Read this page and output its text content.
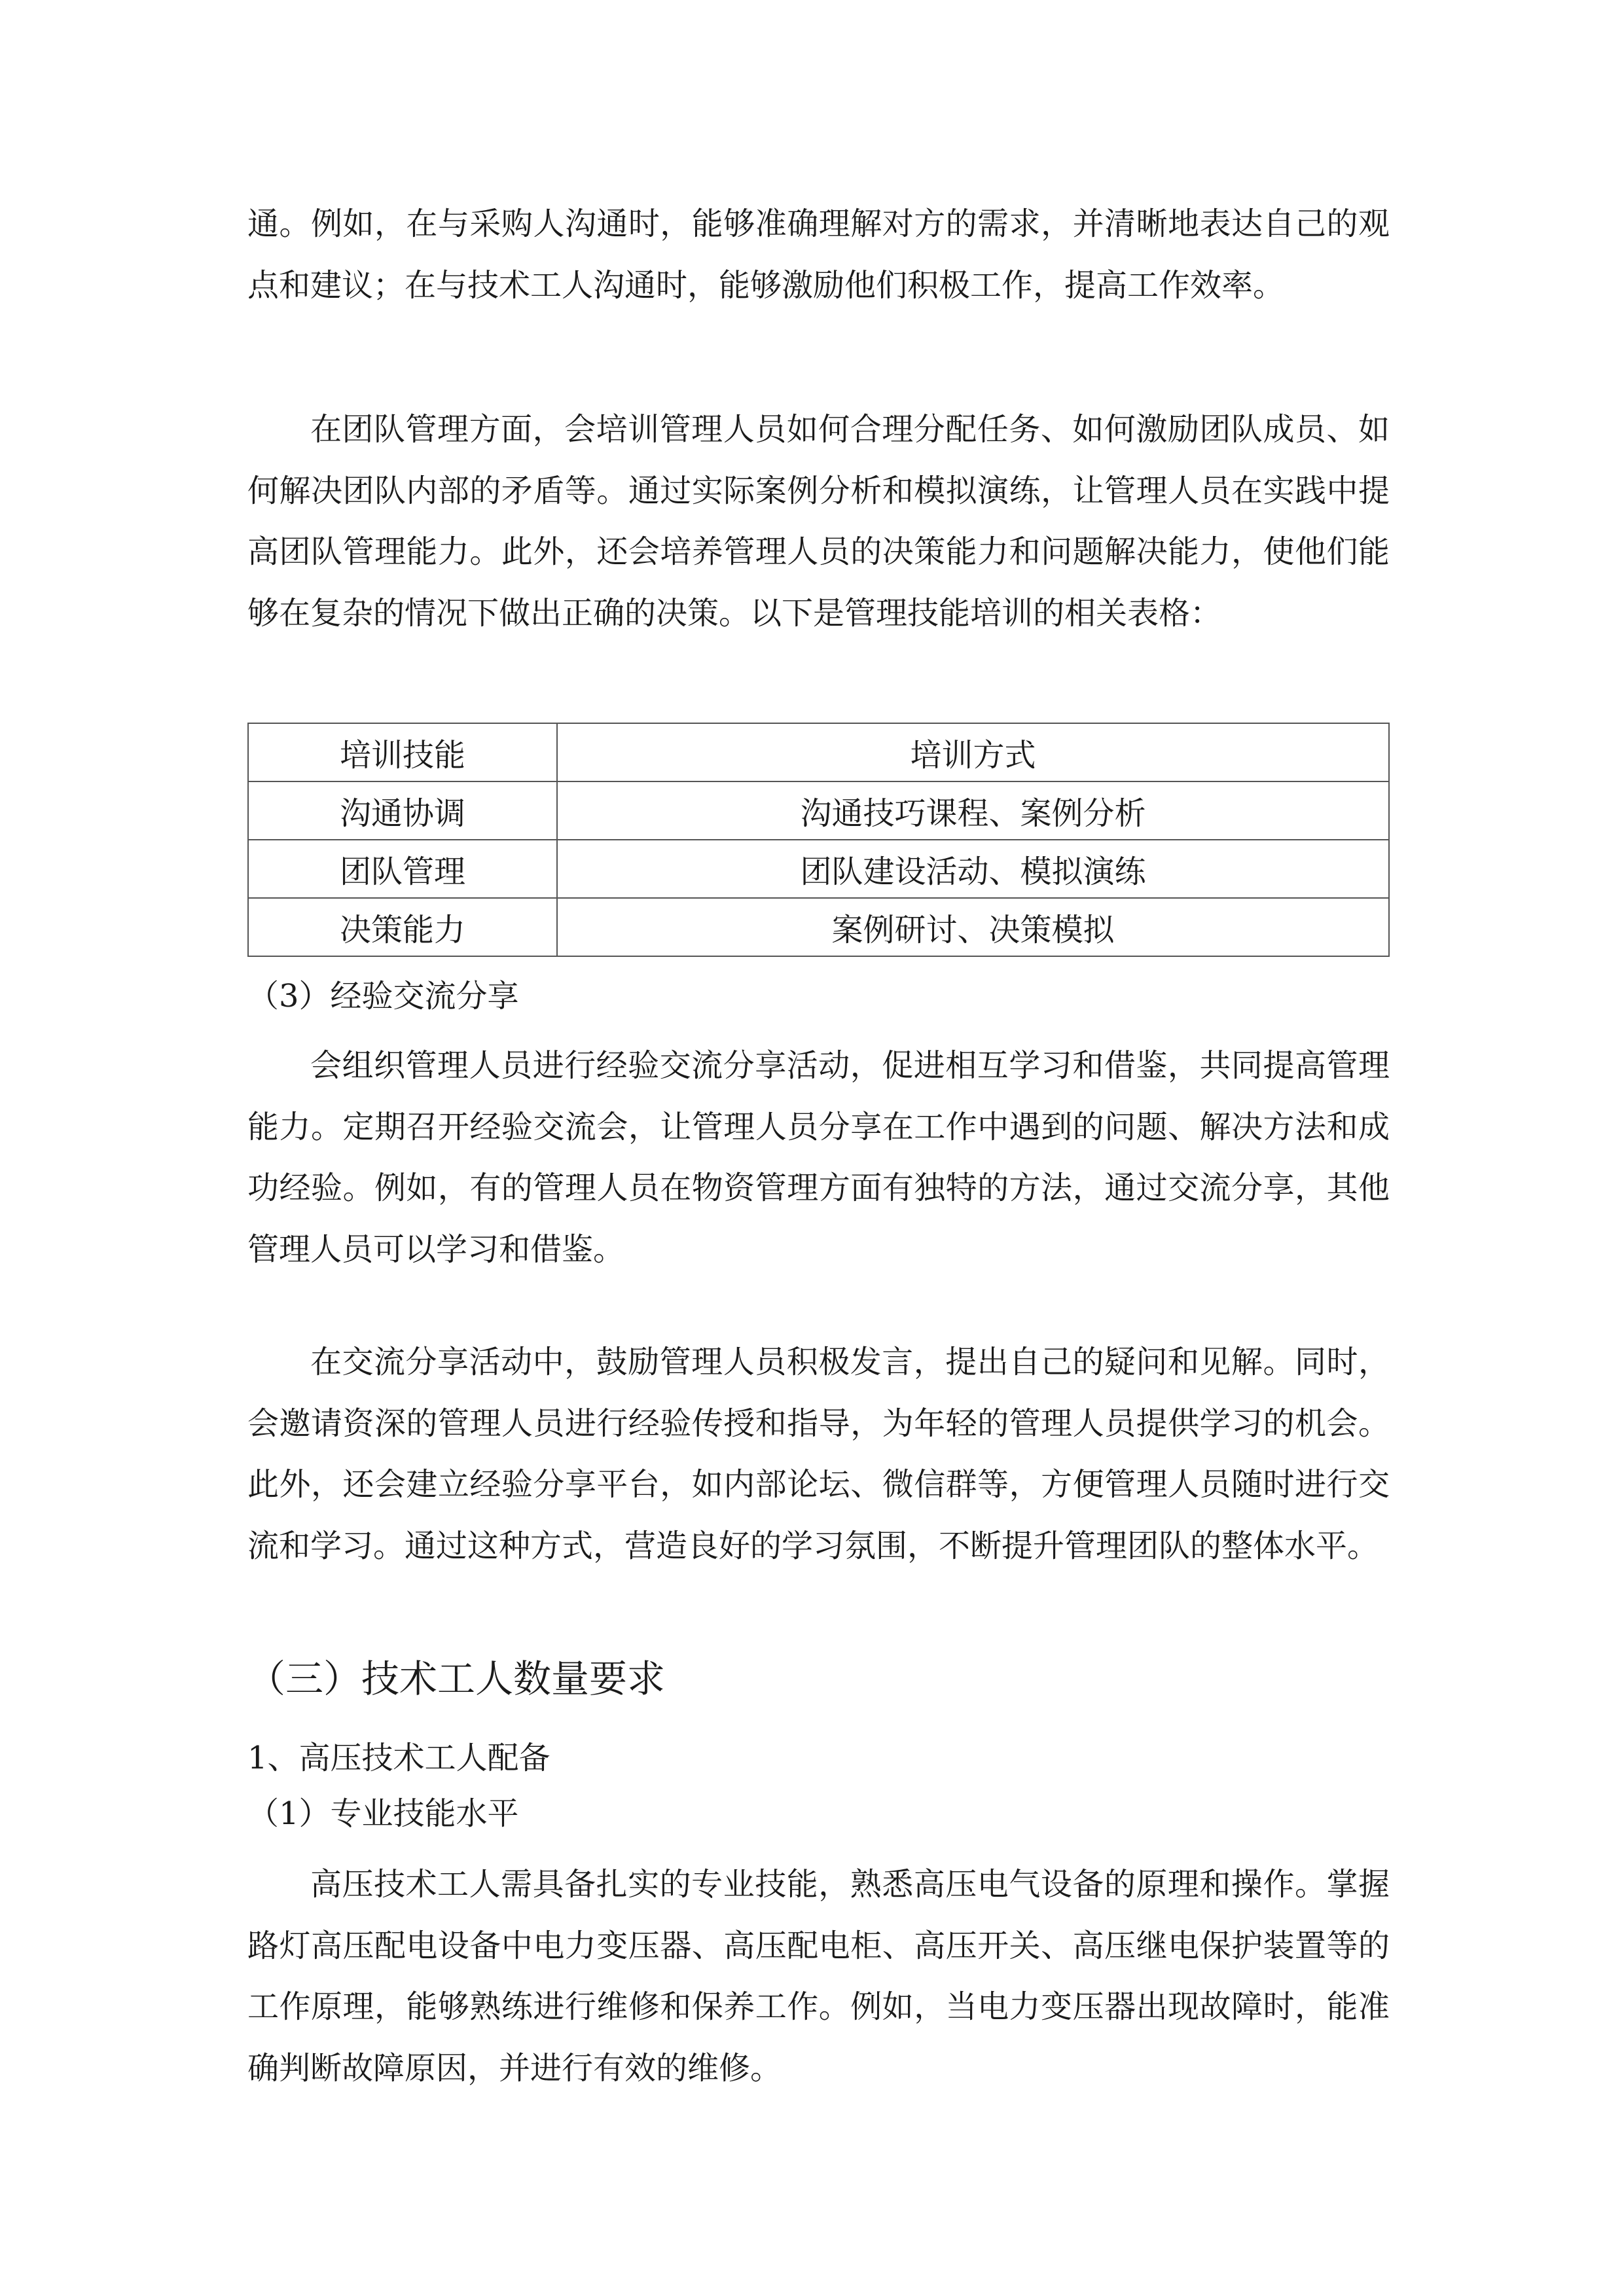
通。例如，在与采购人沟通时，能够准确理解对方的需求，并清晰地表达自己的观点和建议；在与技术工人沟通时，能够激励他们积极工作，提高工作效率。

在团队管理方面，会培训管理人员如何合理分配任务、如何激励团队成员、如何解决团队内部的矛盾等。通过实际案例分析和模拟演练，让管理人员在实践中提高团队管理能力。此外，还会培养管理人员的决策能力和问题解决能力，使他们能够在复杂的情况下做出正确的决策。以下是管理技能培训的相关表格：

培训技能	培训方式
沟通协调	沟通技巧课程、案例分析
团队管理	团队建设活动、模拟演练
决策能力	案例研讨、决策模拟

（3）经验交流分享

会组织管理人员进行经验交流分享活动，促进相互学习和借鉴，共同提高管理能力。定期召开经验交流会，让管理人员分享在工作中遇到的问题、解决方法和成功经验。例如，有的管理人员在物资管理方面有独特的方法，通过交流分享，其他管理人员可以学习和借鉴。

在交流分享活动中，鼓励管理人员积极发言，提出自己的疑问和见解。同时，会邀请资深的管理人员进行经验传授和指导，为年轻的管理人员提供学习的机会。此外，还会建立经验分享平台，如内部论坛、微信群等，方便管理人员随时进行交流和学习。通过这种方式，营造良好的学习氛围，不断提升管理团队的整体水平。

（三）技术工人数量要求

1、高压技术工人配备

（1）专业技能水平

高压技术工人需具备扎实的专业技能，熟悉高压电气设备的原理和操作。掌握路灯高压配电设备中电力变压器、高压配电柜、高压开关、高压继电保护装置等的工作原理，能够熟练进行维修和保养工作。例如，当电力变压器出现故障时，能准确判断故障原因，并进行有效的维修。
